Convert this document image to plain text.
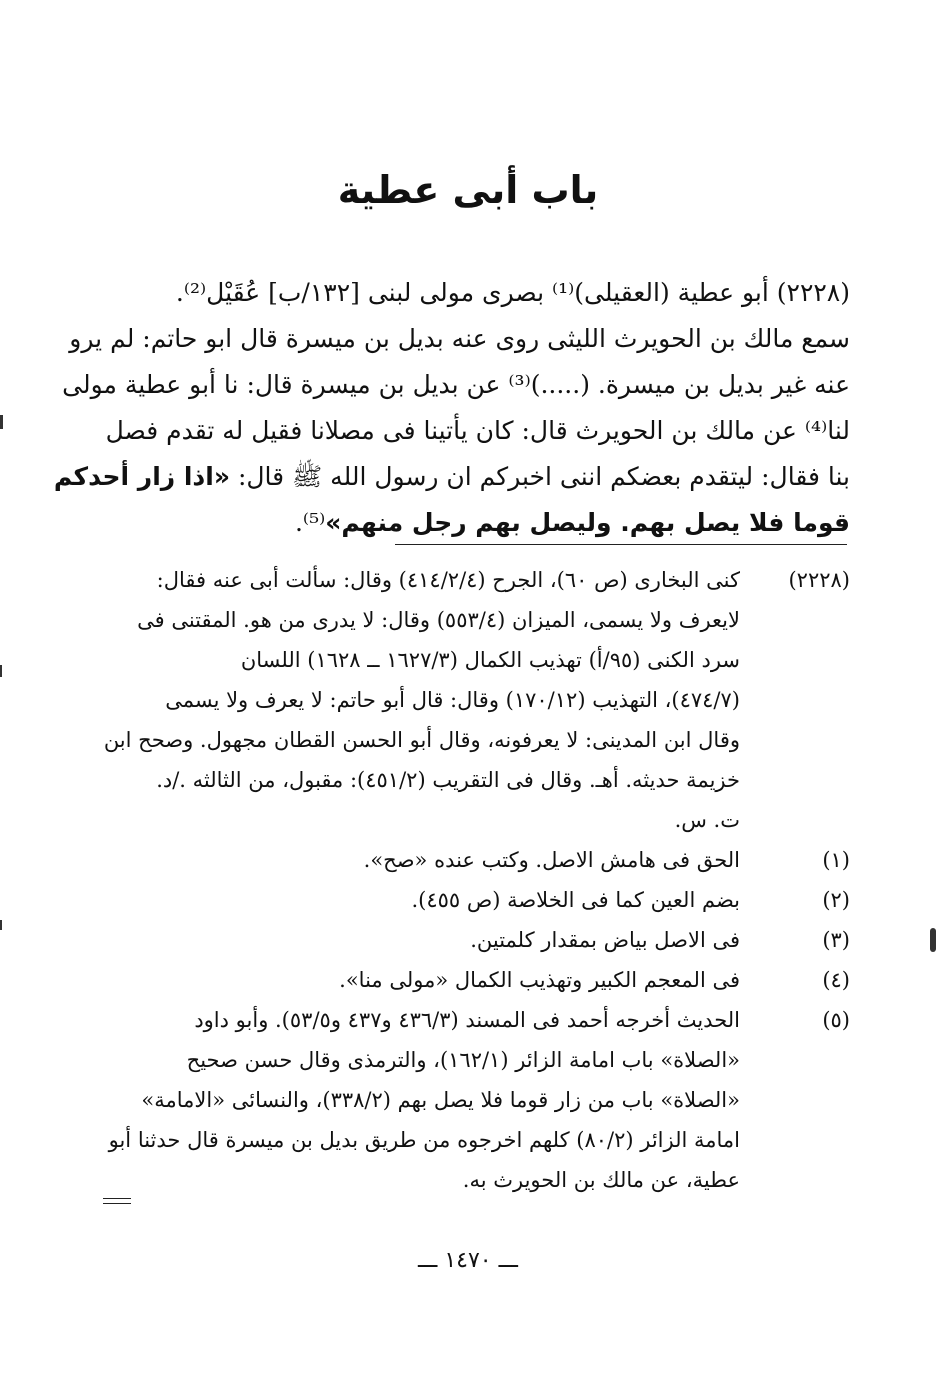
باب أبى عطية
(٢٢٢٨) أبو عطية (العقيلى)⁽¹⁾ بصرى مولى لبنى [١٣٢/ب] عُقَيْل⁽²⁾.
سمع مالك بن الحويرث الليثى روى عنه بديل بن ميسرة قال ابو حاتم: لم يرو
عنه غير بديل بن ميسرة. (.....)⁽³⁾ عن بديل بن ميسرة قال: نا أبو عطية مولى
لنا⁽⁴⁾ عن مالك بن الحويرث قال: كان يأتينا فى مصلانا فقيل له تقدم فصل
بنا فقال: ليتقدم بعضكم اننى اخبركم ان رسول الله ﷺ قال: «اذا زار أحدكم
قوما فلا يصل بهم. وليصل بهم رجل منهم»⁽⁵⁾.
(٢٢٢٨)
كنى البخارى (ص ٦٠)، الجرح (٤١٤/٢/٤) وقال: سألت أبى عنه فقال:
لايعرف ولا يسمى، الميزان (٥٥٣/٤) وقال: لا يدرى من هو. المقتنى فى
سرد الكنى (٩٥/أ) تهذيب الكمال (١٦٢٧/٣ ــ ١٦٢٨) اللسان
(٤٧٤/٧)، التهذيب (١٧٠/١٢) وقال: قال أبو حاتم: لا يعرف ولا يسمى
وقال ابن المدينى: لا يعرفونه، وقال أبو الحسن القطان مجهول. وصحح ابن
خزيمة حديثه. أهـ. وقال فى التقريب (٤٥١/٢): مقبول، من الثالثه ./د.
ت. س.
(١)
الحق فى هامش الاصل. وكتب عنده «صح».
(٢)
بضم العين كما فى الخلاصة (ص ٤٥٥).
(٣)
فى الاصل بياض بمقدار كلمتين.
(٤)
فى المعجم الكبير وتهذيب الكمال «مولى منا».
(٥)
الحديث أخرجه أحمد فى المسند (٤٣٦/٣ و٤٣٧ و٥٣/٥). وأبو داود
«الصلاة» باب امامة الزائر (١٦٢/١)، والترمذى وقال حسن صحيح
«الصلاة» باب من زار قوما فلا يصل بهم (٣٣٨/٢)، والنسائى «الامامة»
امامة الزائر (٨٠/٢) كلهم اخرجوه من طريق بديل بن ميسرة قال حدثنا أبو
عطية، عن مالك بن الحويرث به.
ـــ ١٤٧٠ ـــ
